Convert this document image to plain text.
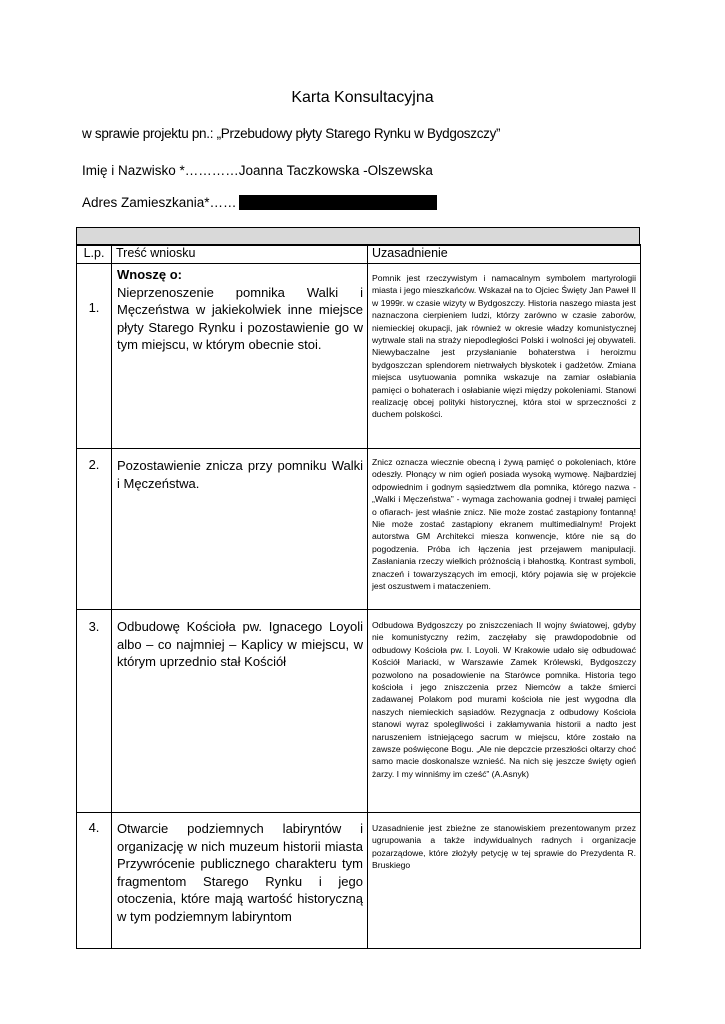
Karta Konsultacyjna
w sprawie projektu pn.: „Przebudowy płyty Starego Rynku w Bydgoszczy”
Imię i Nazwisko *…………Joanna Taczkowska -Olszewska
Adres Zamieszkania*……
L.p.	Treść wniosku	Uzasadnienie

1.	Wnoszę o:
Nieprzenoszenie pomnika Walki i Męczeństwa w jakiekolwiek inne miejsce płyty Starego Rynku i pozostawienie go w tym miejscu, w którym obecnie stoi.	Pomnik jest rzeczywistym i namacalnym symbolem martyrologii miasta i jego mieszkańców. Wskazał na to Ojciec Święty Jan Paweł II w 1999r. w czasie wizyty w Bydgoszczy. Historia naszego miasta jest naznaczona cierpieniem ludzi, którzy zarówno w czasie zaborów, niemieckiej okupacji, jak również w okresie władzy komunistycznej wytrwale stali na straży niepodległości Polski i wolności jej obywateli. Niewybaczalne jest przysłanianie bohaterstwa i heroizmu bydgoszczan splendorem nietrwałych błyskotek i gadżetów. Zmiana miejsca usytuowania pomnika wskazuje na zamiar osłabiania pamięci o bohaterach i osłabianie więzi między pokoleniami. Stanowi realizację obcej polityki historycznej, która stoi w sprzeczności z duchem polskości.

2.	Pozostawienie znicza przy pomniku Walki i Męczeństwa.	Znicz oznacza wiecznie obecną i żywą pamięć o pokoleniach, które odeszły. Płonący w nim ogień posiada wysoką wymowę. Najbardziej odpowiednim i godnym sąsiedztwem dla pomnika, którego nazwa - „Walki i Męczeństwa” - wymaga zachowania godnej i trwałej pamięci o ofiarach- jest właśnie znicz. Nie może zostać zastąpiony fontanną! Nie może zostać zastąpiony ekranem multimedialnym! Projekt autorstwa GM Architekci miesza konwencje, które nie są do pogodzenia. Próba ich łączenia jest przejawem manipulacji. Zasłaniania rzeczy wielkich próżnością i błahostką. Kontrast symboli, znaczeń i towarzyszących im emocji, który pojawia się w projekcie jest oszustwem i mataczeniem.

3.	Odbudowę Kościoła pw. Ignacego Loyoli albo – co najmniej – Kaplicy w miejscu, w którym uprzednio stał Kościół	Odbudowa Bydgoszczy po zniszczeniach II wojny światowej, gdyby nie komunistyczny reżim, zaczęłaby się prawdopodobnie od odbudowy Kościoła pw. I. Loyoli. W Krakowie udało się odbudować Kościół Mariacki, w Warszawie Zamek Królewski, Bydgoszczy pozwolono na posadowienie na Starówce pomnika. Historia tego kościoła i jego zniszczenia przez Niemców a także śmierci zadawanej Polakom pod murami kościoła nie jest wygodna dla naszych niemieckich sąsiadów. Rezygnacja z odbudowy Kościoła stanowi wyraz spolegliwości i zakłamywania historii a nadto jest naruszeniem istniejącego sacrum w miejscu, które zostało na zawsze poświęcone Bogu. „Ale nie depczcie przeszłości ołtarzy choć samo macie doskonalsze wznieść. Na nich się jeszcze święty ogień żarzy. I my winniśmy im cześć” (A.Asnyk)

4.	Otwarcie podziemnych labiryntów i organizację w nich muzeum historii miasta Przywrócenie publicznego charakteru tym fragmentom Starego Rynku i jego otoczenia, które mają wartość historyczną w tym podziemnym labiryntom	Uzasadnienie jest zbieżne ze stanowiskiem prezentowanym przez ugrupowania a także indywidualnych radnych i organizacje pozarządowe, które złożyły petycję w tej sprawie do Prezydenta R. Bruskiego
